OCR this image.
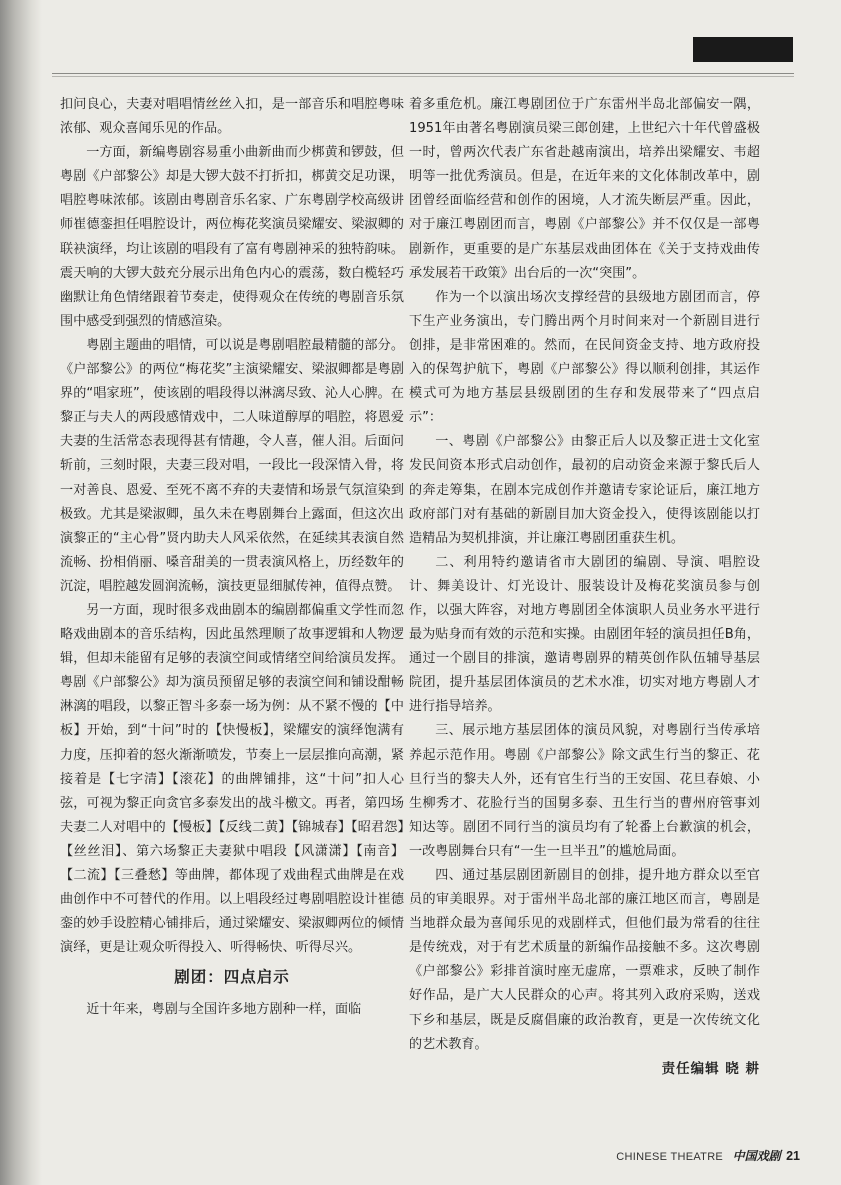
扣问良心，夫妻对唱唱情丝丝入扣，是一部音乐和唱腔粤味浓郁、观众喜闻乐见的作品。

一方面，新编粤剧容易重小曲新曲而少梆黄和锣鼓，但粤剧《户部黎公》却是大锣大鼓不打折扣，梆黄交足功课，唱腔粤味浓郁。该剧由粤剧音乐名家、广东粤剧学校高级讲师崔德銮担任唱腔设计，两位梅花奖演员梁耀安、梁淑卿的联袂演绎，均让该剧的唱段有了富有粤剧神采的独特韵味。震天响的大锣大鼓充分展示出角色内心的震荡，数白榄轻巧幽默让角色情绪跟着节奏走，使得观众在传统的粤剧音乐氛围中感受到强烈的情感渲染。

粤剧主题曲的唱情，可以说是粤剧唱腔最精髓的部分。《户部黎公》的两位“梅花奖”主演梁耀安、梁淑卿都是粤剧界的“唱家班”，使该剧的唱段得以淋漓尽致、沁人心脾。在黎正与夫人的两段感情戏中，二人味道醇厚的唱腔，将恩爱夫妻的生活常态表现得甚有情趣，令人喜，催人泪。后面问斩前，三刻时限，夫妻三段对唱，一段比一段深情入骨，将一对善良、恩爱、至死不离不弃的夫妻情和场景气氛渲染到极致。尤其是梁淑卿，虽久未在粤剧舞台上露面，但这次出演黎正的“主心骨”贤内助夫人风采依然，在延续其表演自然流畅、扮相俏丽、嗓音甜美的一贯表演风格上，历经数年的沉淀，唱腔越发圆润流畅，演技更显细腻传神，值得点赞。

另一方面，现时很多戏曲剧本的编剧都偏重文学性而忽略戏曲剧本的音乐结构，因此虽然理顺了故事逻辑和人物逻辑，但却未能留有足够的表演空间或情绪空间给演员发挥。粤剧《户部黎公》却为演员预留足够的表演空间和铺设酣畅淋漓的唱段，以黎正智斗多泰一场为例：从不紧不慢的【中板】开始，到“十问”时的【快慢板】，梁耀安的演绎饱满有力度，压抑着的怒火渐渐喷发，节奏上一层层推向高潮，紧接着是【七字清】【滚花】的曲牌铺排，这“十问”扣人心弦，可视为黎正向贪官多泰发出的战斗檄文。再者，第四场夫妻二人对唱中的【慢板】【反线二黄】【锦城春】【昭君怨】【丝丝泪】、第六场黎正夫妻狱中唱段【风潇潇】【南音】【二流】【三叠愁】等曲牌，都体现了戏曲程式曲牌是在戏曲创作中不可替代的作用。以上唱段经过粤剧唱腔设计崔德銮的妙手设腔精心铺排后，通过梁耀安、梁淑卿两位的倾情演绎，更是让观众听得投入、听得畅快、听得尽兴。

剧团：四点启示

近十年来，粤剧与全国许多地方剧种一样，面临

着多重危机。廉江粤剧团位于广东雷州半岛北部偏安一隅，1951年由著名粤剧演员梁三郎创建，上世纪六十年代曾盛极一时，曾两次代表广东省赴越南演出，培养出梁耀安、韦超明等一批优秀演员。但是，在近年来的文化体制改革中，剧团曾经面临经营和创作的困境，人才流失断层严重。因此，对于廉江粤剧团而言，粤剧《户部黎公》并不仅仅是一部粤剧新作，更重要的是广东基层戏曲团体在《关于支持戏曲传承发展若干政策》出台后的一次“突围”。

作为一个以演出场次支撑经营的县级地方剧团而言，停下生产业务演出，专门腾出两个月时间来对一个新剧目进行创排，是非常困难的。然而，在民间资金支持、地方政府投入的保驾护航下，粤剧《户部黎公》得以顺利创排，其运作模式可为地方基层县级剧团的生存和发展带来了“四点启示”：

一、粤剧《户部黎公》由黎正后人以及黎正进士文化室发民间资本形式启动创作，最初的启动资金来源于黎氏后人的奔走筹集，在剧本完成创作并邀请专家论证后，廉江地方政府部门对有基础的新剧目加大资金投入，使得该剧能以打造精品为契机排演，并让廉江粤剧团重获生机。

二、利用特约邀请省市大剧团的编剧、导演、唱腔设计、舞美设计、灯光设计、服装设计及梅花奖演员参与创作，以强大阵容，对地方粤剧团全体演职人员业务水平进行最为贴身而有效的示范和实操。由剧团年轻的演员担任B角，通过一个剧目的排演，邀请粤剧界的精英创作队伍辅导基层院团，提升基层团体演员的艺术水准，切实对地方粤剧人才进行指导培养。

三、展示地方基层团体的演员风貌，对粤剧行当传承培养起示范作用。粤剧《户部黎公》除文武生行当的黎正、花旦行当的黎夫人外，还有官生行当的王安国、花旦春娘、小生柳秀才、花脸行当的国舅多泰、丑生行当的曹州府管事刘知达等。剧团不同行当的演员均有了轮番上台歉演的机会，一改粤剧舞台只有“一生一旦半丑”的尴尬局面。

四、通过基层剧团新剧目的创排，提升地方群众以至官员的审美眼界。对于雷州半岛北部的廉江地区而言，粤剧是当地群众最为喜闻乐见的戏剧样式，但他们最为常看的往往是传统戏，对于有艺术质量的新编作品接触不多。这次粤剧《户部黎公》彩排首演时座无虚席，一票难求，反映了制作好作品，是广大人民群众的心声。将其列入政府采购，送戏下乡和基层，既是反腐倡廉的政治教育，更是一次传统文化的艺术教育。

责任编辑 晓 耕
CHINESE THEATRE 中国戏剧 21
